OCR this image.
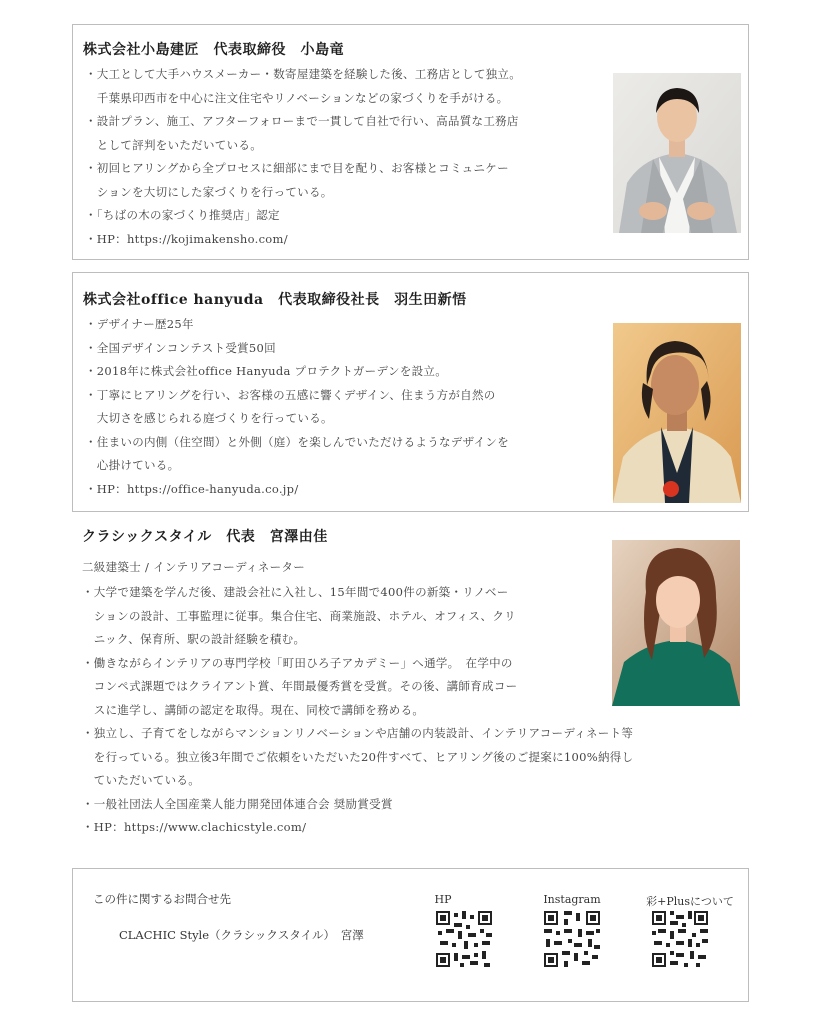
株式会社小島建匠　代表取締役　小島竜
・大工として大手ハウスメーカー・数寄屋建築を経験した後、工務店として独立。
　千葉県印西市を中心に注文住宅やリノベーションなどの家づくりを手がける。
・設計プラン、施工、アフターフォローまで一貫して自社で行い、高品質な工務店
　として評判をいただいている。
・初回ヒアリングから全プロセスに細部にまで目を配り、お客様とコミュニケー
　ションを大切にした家づくりを行っている。
・「ちばの木の家づくり推奨店」認定
・HP：https://kojimakensho.com/
株式会社office hanyuda　代表取締役社長　羽生田新悟
・デザイナー歴25年
・全国デザインコンテスト受賞50回
・2018年に株式会社office Hanyuda プロテクトガーデンを設立。
・丁寧にヒアリングを行い、お客様の五感に響くデザイン、住まう方が自然の
　大切さを感じられる庭づくりを行っている。
・住まいの内側（住空間）と外側（庭）を楽しんでいただけるようなデザインを
　心掛けている。
・HP：https://office-hanyuda.co.jp/
クラシックスタイル　代表　宮澤由佳
二級建築士 / インテリアコーディネーター
・大学で建築を学んだ後、建設会社に入社し、15年間で400件の新築・リノベー
　ションの設計、工事監理に従事。集合住宅、商業施設、ホテル、オフィス、クリ
　ニック、保育所、駅の設計経験を積む。
・働きながらインテリアの専門学校「町田ひろ子アカデミー」へ通学。　在学中の
　コンペ式課題ではクライアント賞、年間最優秀賞を受賞。その後、講師育成コー
　スに進学し、講師の認定を取得。現在、同校で講師を務める。
・独立し、子育てをしながらマンションリノベーションや店舗の内装設計、インテリアコーディネート等
　を行っている。独立後3年間でご依頼をいただいた20件すべて、ヒアリング後のご提案に100%納得し
　ていただいている。
・一般社団法人全国産業人能力開発団体連合会 奨励賞受賞
・HP：https://www.clachicstyle.com/
この件に関するお問合せ先
CLACHIC Style（クラシックスタイル）　宮澤
HP	Instagram	彩+Plusについて
